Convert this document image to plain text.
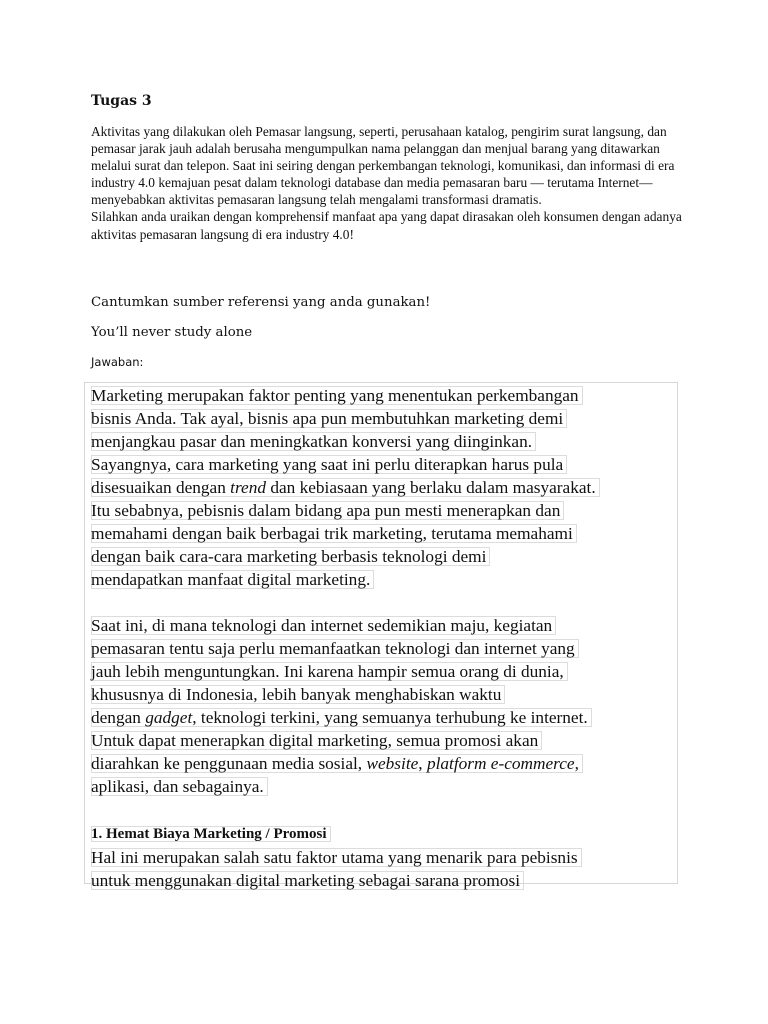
Tugas 3

Aktivitas yang dilakukan oleh Pemasar langsung, seperti, perusahaan katalog, pengirim surat langsung, dan pemasar jarak jauh adalah berusaha mengumpulkan nama pelanggan dan menjual barang yang ditawarkan melalui surat dan telepon. Saat ini seiring dengan perkembangan teknologi, komunikasi, dan informasi di era industry 4.0 kemajuan pesat dalam teknologi database dan media pemasaran baru — terutama Internet— menyebabkan aktivitas pemasaran langsung telah mengalami transformasi dramatis.

Silahkan anda uraikan dengan komprehensif manfaat apa yang dapat dirasakan oleh konsumen dengan adanya aktivitas pemasaran langsung di era industry 4.0!

Cantumkan sumber referensi yang anda gunakan!
You’ll never study alone
Jawaban:
Marketing merupakan faktor penting yang menentukan perkembangan
bisnis Anda. Tak ayal, bisnis apa pun membutuhkan marketing demi
menjangkau pasar dan meningkatkan konversi yang diinginkan.
Sayangnya, cara marketing yang saat ini perlu diterapkan harus pula
disesuaikan dengan trend dan kebiasaan yang berlaku dalam masyarakat.
Itu sebabnya, pebisnis dalam bidang apa pun mesti menerapkan dan
memahami dengan baik berbagai trik marketing, terutama memahami
dengan baik cara-cara marketing berbasis teknologi demi
mendapatkan manfaat digital marketing.
Saat ini, di mana teknologi dan internet sedemikian maju, kegiatan
pemasaran tentu saja perlu memanfaatkan teknologi dan internet yang
jauh lebih menguntungkan. Ini karena hampir semua orang di dunia,
khususnya di Indonesia, lebih banyak menghabiskan waktu
dengan gadget, teknologi terkini, yang semuanya terhubung ke internet.
Untuk dapat menerapkan digital marketing, semua promosi akan
diarahkan ke penggunaan media sosial, website, platform e-commerce,
aplikasi, dan sebagainya.
1. Hemat Biaya Marketing / Promosi
Hal ini merupakan salah satu faktor utama yang menarik para pebisnis
untuk menggunakan digital marketing sebagai sarana promosi
